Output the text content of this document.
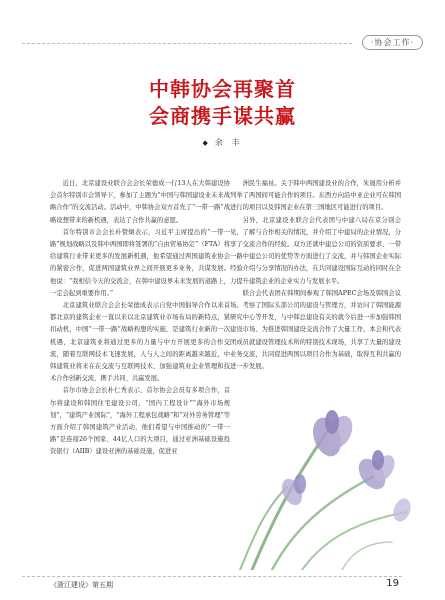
·协会工作·
中韩协会再聚首
会商携手谋共赢
◆ 余 丰

近日，北京建设业联合会会长荣德成一行13人在大韩建设协会首尔特别市会领导下，参加了主题为“中国与韩国建设业未来战略合作”的交流活动。活动中，中韩协会双方首先了“一带一路”战略设想带来的新机遇，表达了合作共赢的意愿。

首尔特别市会会长朴赞炯表示，习近平主席提出的“一带一路”规划战略以及韩中两国即将签署的“自由贸易协定”（FTA）将给建筑行业带来更多的发展新机遇，他希望通过两国建筑业协会的紧密合作，促进两国建筑业界之间开展更多业务，共谋发展。他说：“我相信今天的交流会，在韩中建设界未来发展的道路上，一定会起到重要作用。”

北京建筑业联合会会长荣德成表示自党中国倡导合作以来首都北京的建筑企业一直以来以北京建筑业市场布局的新特点，紧扣动机，中国“一带一路”战略构想的实施，是建筑行业新的一次机遇，北京建筑业将通过更多的力量与中方开展更多的合作交流，随着互联网技术飞速发展，人与人之间的距离越来越近，中韩建筑业将来在在交流与互联网技术、加强建筑业企业管理和技术合作创新交流，携手共同、共赢发展。

首尔市协会会长朴仁秀表示、首尔协会会员有多项合作，首尔将建设和韩国住宅建设公司，“国内工程设计”“海外市场规划”，“建筑产业国际”，“海外工程承包战略”和“对外劳务管理”等方面介绍了韩国建筑产业活动，他们希望与中国推动的“一带一路”是连接26个国家、44亿人口的大项目，通过亚洲基础设施投资银行（AIIB）建设亚洲的基础设施，促进亚

洲民生福祉。关于韩中两国建设业的合作，朱晟用分析并列举了两国间可能合作的项目。东西方向沿中亚企业可在韩国进行的项目以及韩国企业在第三国地区可能进行的项目。

另外，北京建设业联合会代表团与中建八局在京分别会见，了解与合作相关的情况，并介绍了中建局的企业情况，分享了交流合作的经验。双方还就中建总公司的资质要求、一带一路中建总公司的优势等方面进行了交流，并与韩国企业实际经验介绍与分享情况的办法，在共同建设国际互动的同时在全力提升建筑企业的企业实力与发展水平。

联合会代表团在韩期间参观了韩国APEC会场及韩国会议场。考察了国际头部公司的建设与管理方，并访问了韩国能源研究中心等开发，与中韩总建设有关的就今后进一步加强韩国建设市场、为推进韩国建设交流合作了大量工作，本会和代表团成员就建设管理技术所的特别技术现场，共享了大量的建设业务交流，共同促进两国以项目合作为基础，取得互利共赢的进一步发展。

《浙江建设》第五期	19
